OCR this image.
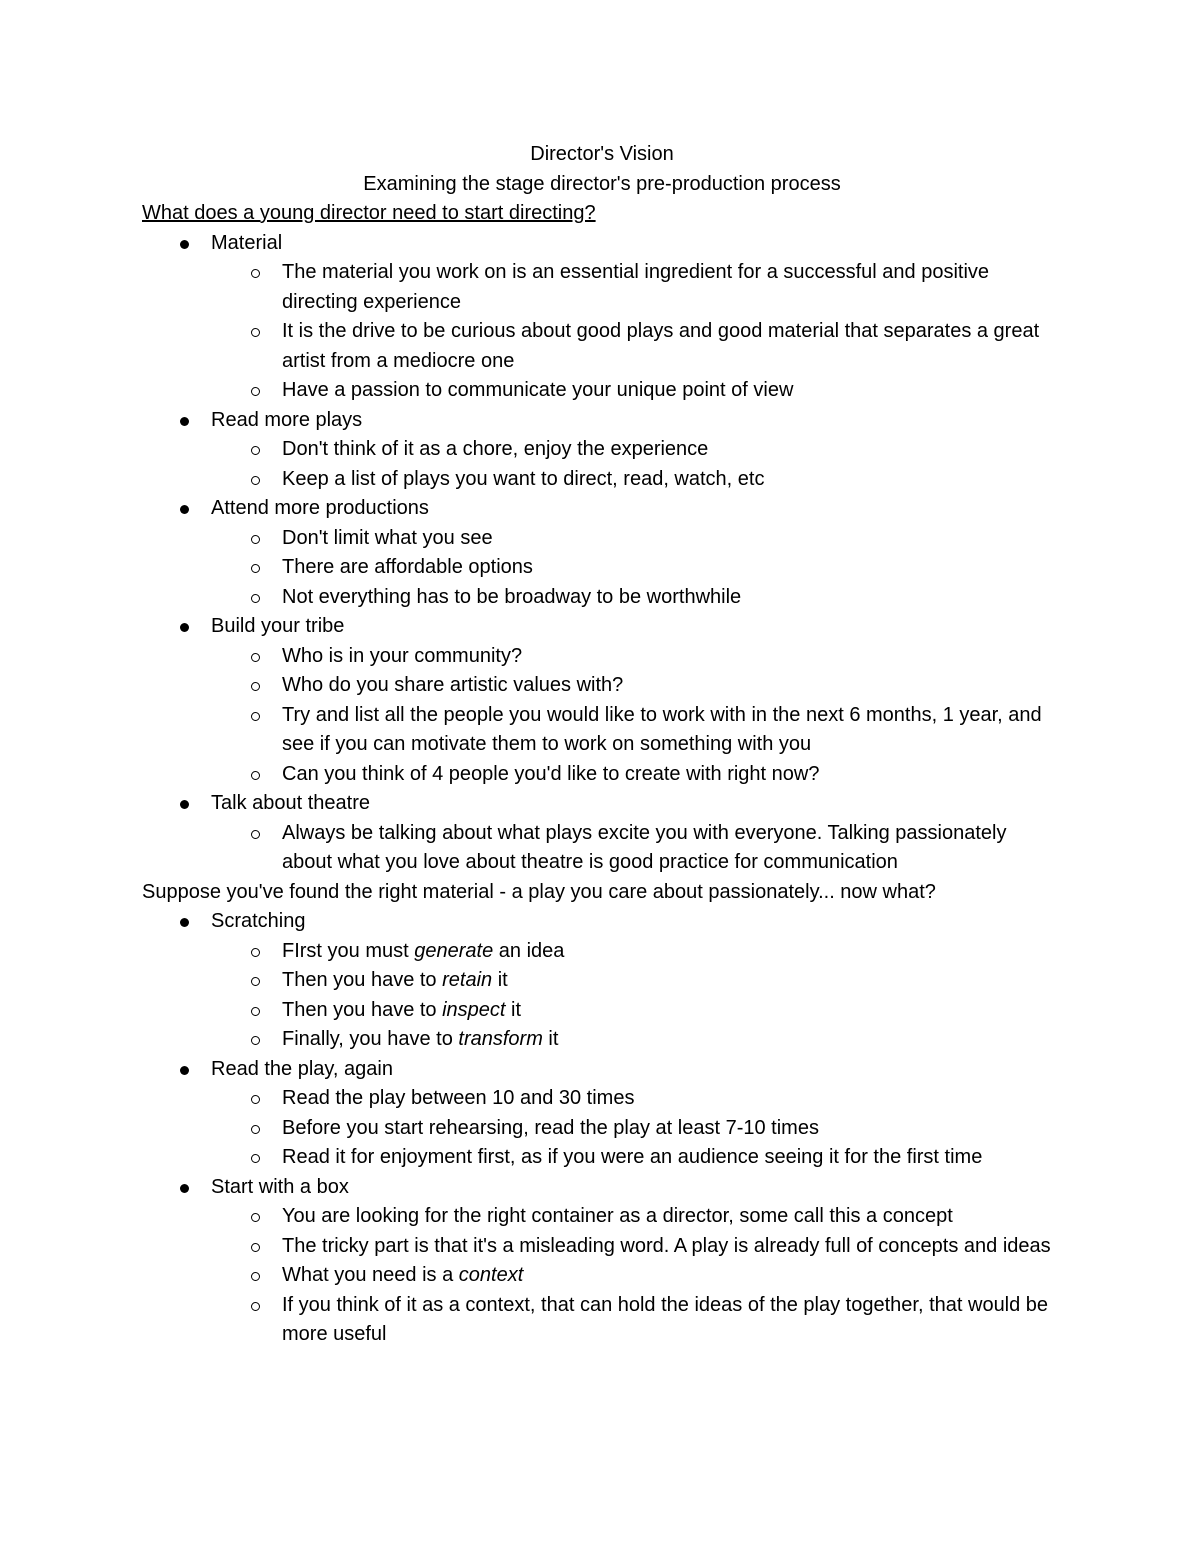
Director's Vision

Examining the stage director's pre-production process

What does a young director need to start directing?

Material
The material you work on is an essential ingredient for a successful and positive directing experience
It is the drive to be curious about good plays and good material that separates a great artist from a mediocre one
Have a passion to communicate your unique point of view
Read more plays
Don't think of it as a chore, enjoy the experience
Keep a list of plays you want to direct, read, watch, etc
Attend more productions
Don't limit what you see
There are affordable options
Not everything has to be broadway to be worthwhile
Build your tribe
Who is in your community?
Who do you share artistic values with?
Try and list all the people you would like to work with in the next 6 months, 1 year, and see if you can motivate them to work on something with you
Can you think of 4 people you'd like to create with right now?
Talk about theatre
Always be talking about what plays excite you with everyone. Talking passionately about what you love about theatre is good practice for communication

Suppose you've found the right material - a play you care about passionately... now what?

Scratching
FIrst you must generate an idea
Then you have to retain it
Then you have to inspect it
Finally, you have to transform it
Read the play, again
Read the play between 10 and 30 times
Before you start rehearsing, read the play at least 7-10 times
Read it for enjoyment first, as if you were an audience seeing it for the first time
Start with a box
You are looking for the right container as a director, some call this a concept
The tricky part is that it's a misleading word. A play is already full of concepts and ideas
What you need is a context
If you think of it as a context, that can hold the ideas of the play together, that would be more useful
